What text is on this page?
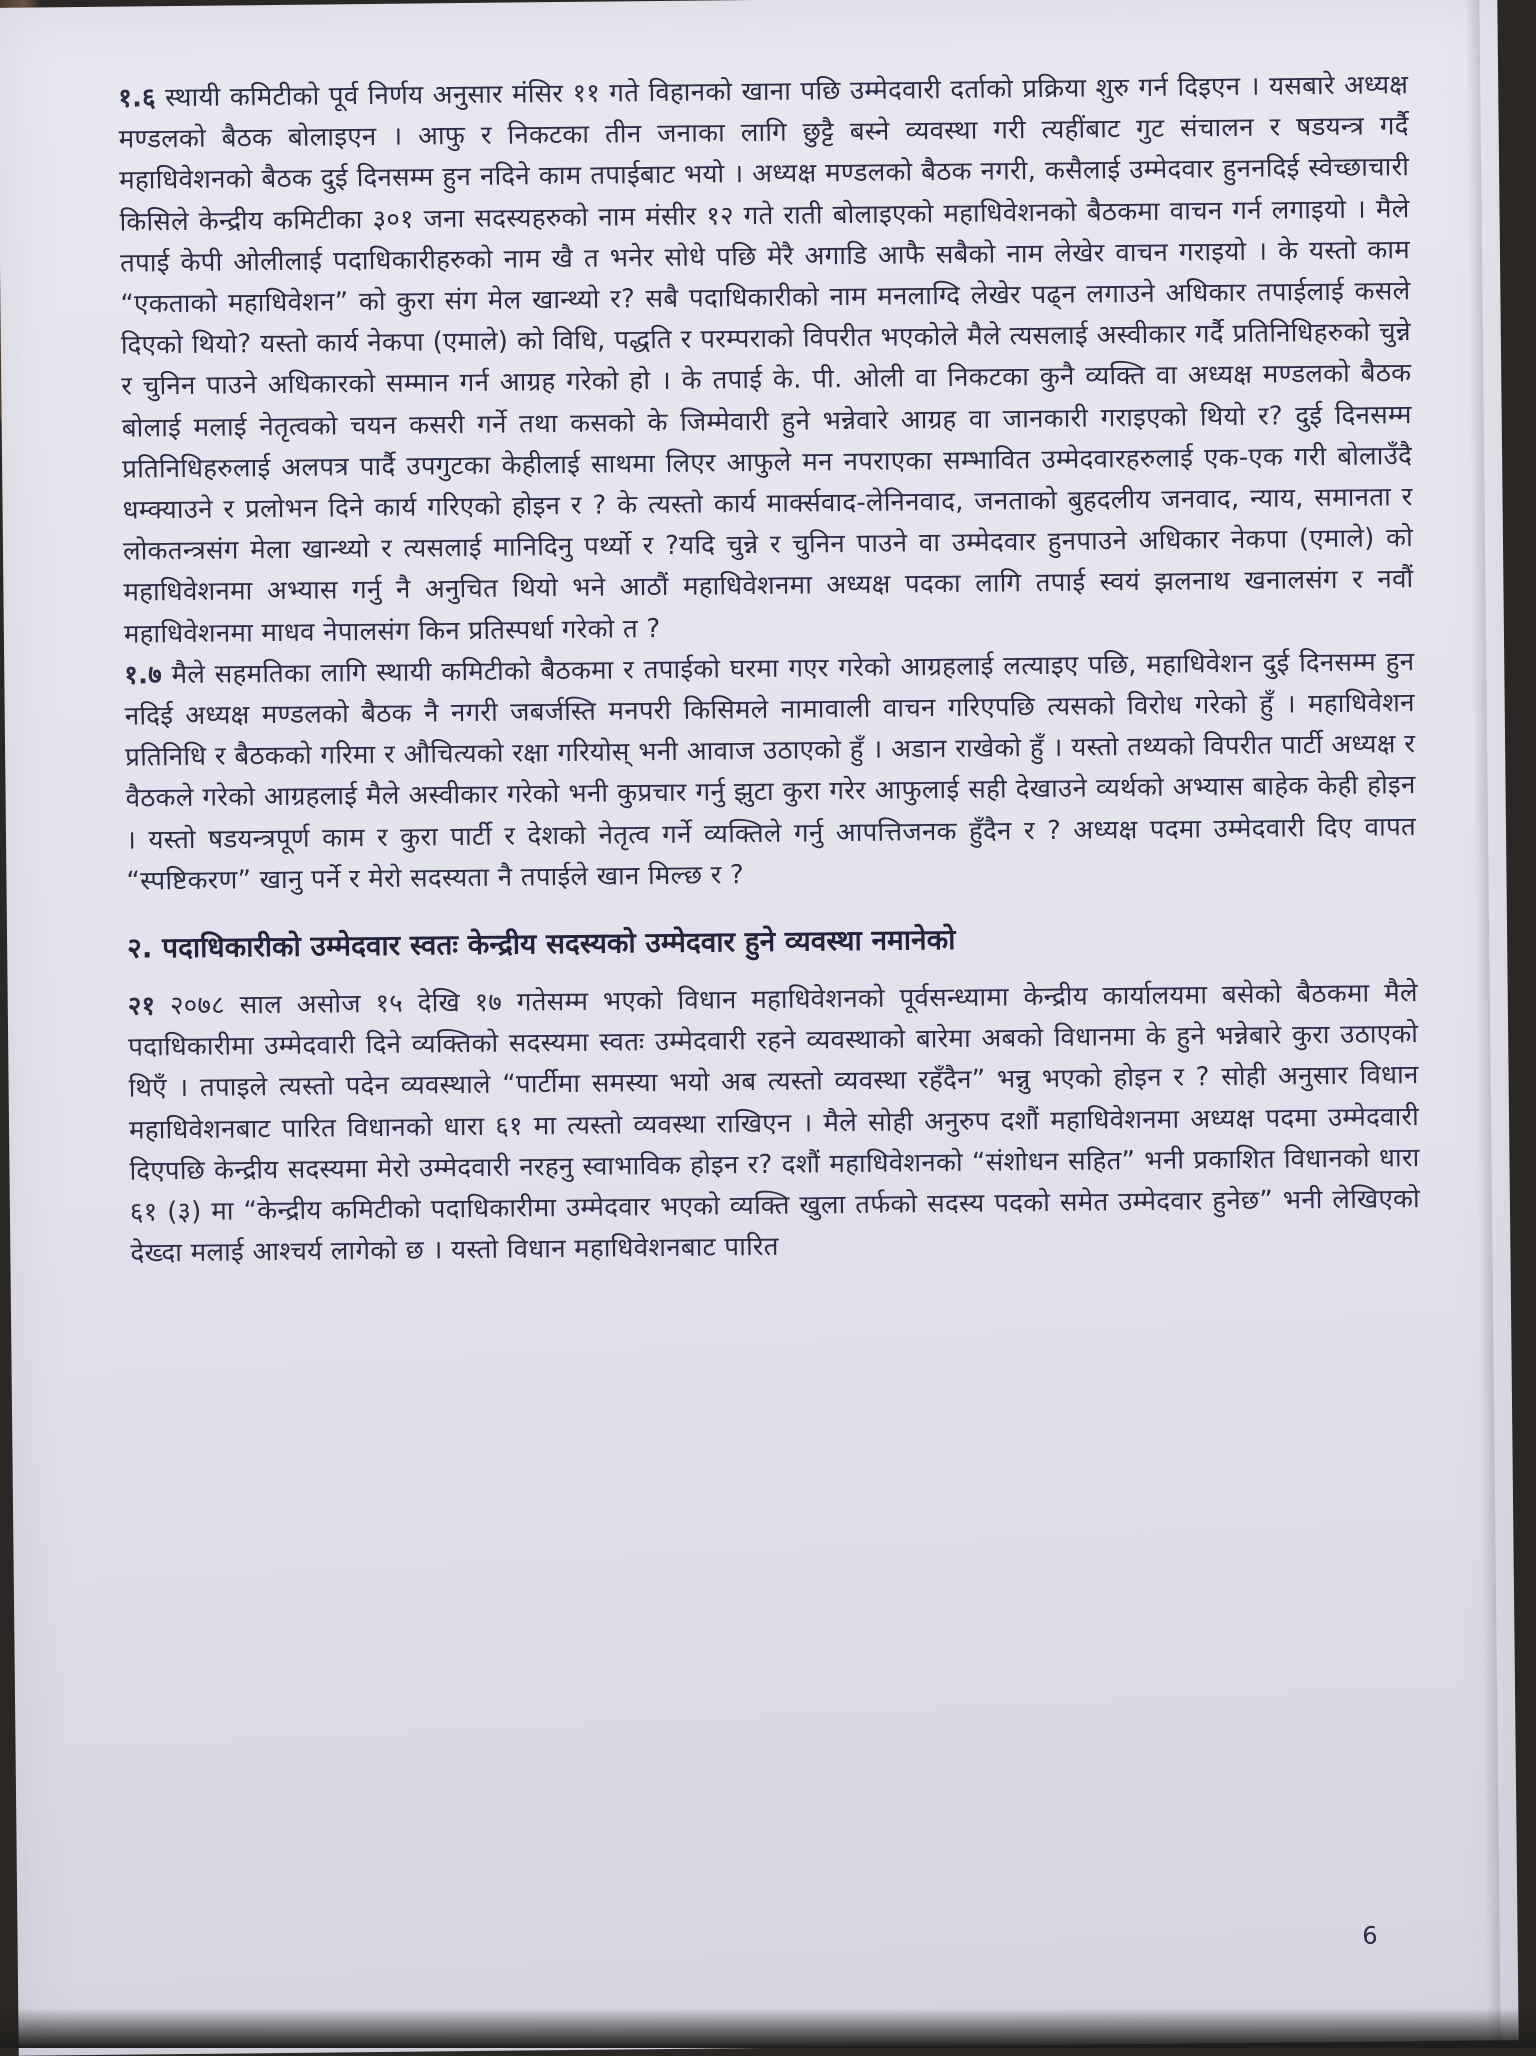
१.६ स्थायी कमिटीको पूर्व निर्णय अनुसार मंसिर ११ गते विहानको खाना पछि उम्मेदवारी दर्ताको प्रक्रिया शुरु गर्न दिइएन । यसबारे अध्यक्ष मण्डलको बैठक बोलाइएन । आफु र निकटका तीन जनाका लागि छुट्टै बस्ने व्यवस्था गरी त्यहींबाट गुट संचालन र षडयन्त्र गर्दै महाधिवेशनको बैठक दुई दिनसम्म हुन नदिने काम तपाईबाट भयो । अध्यक्ष मण्डलको बैठक नगरी, कसैलाई उम्मेदवार हुननदिई स्वेच्छाचारी किसिले केन्द्रीय कमिटीका ३०१ जना सदस्यहरुको नाम मंसीर १२ गते राती बोलाइएको महाधिवेशनको बैठकमा वाचन गर्न लगाइयो । मैले तपाई केपी ओलीलाई पदाधिकारीहरुको नाम खै त भनेर सोधे पछि मेरै अगाडि आफै सबैको नाम लेखेर वाचन गराइयो । के यस्तो काम “एकताको महाधिवेशन” को कुरा संग मेल खान्थ्यो र? सबै पदाधिकारीको नाम मनलाग्दि लेखेर पढ्न लगाउने अधिकार तपाईलाई कसले दिएको थियो? यस्तो कार्य नेकपा (एमाले) को विधि, पद्धति र परम्पराको विपरीत भएकोले मैले त्यसलाई अस्वीकार गर्दै प्रतिनिधिहरुको चुन्ने र चुनिन पाउने अधिकारको सम्मान गर्न आग्रह गरेको हो । के तपाई के. पी. ओली वा निकटका कुनै व्यक्ति वा अध्यक्ष मण्डलको बैठक बोलाई मलाई नेतृत्वको चयन कसरी गर्ने तथा कसको के जिम्मेवारी हुने भन्नेवारे आग्रह वा जानकारी गराइएको थियो र? दुई दिनसम्म प्रतिनिधिहरुलाई अलपत्र पार्दै उपगुटका केहीलाई साथमा लिएर आफुले मन नपराएका सम्भावित उम्मेदवारहरुलाई एक-एक गरी बोलाउँदै धम्क्याउने र प्रलोभन दिने कार्य गरिएको होइन र ? के त्यस्तो कार्य मार्क्सवाद-लेनिनवाद, जनताको बुहदलीय जनवाद, न्याय, समानता र लोकतन्त्रसंग मेला खान्थ्यो र त्यसलाई मानिदिनु पर्थ्यो र ?यदि चुन्ने र चुनिन पाउने वा उम्मेदवार हुनपाउने अधिकार नेकपा (एमाले) को महाधिवेशनमा अभ्यास गर्नु नै अनुचित थियो भने आठौं महाधिवेशनमा अध्यक्ष पदका लागि तपाई स्वयं झलनाथ खनालसंग र नवौं महाधिवेशनमा माधव नेपालसंग किन प्रतिस्पर्धा गरेको त ?

१.७ मैले सहमतिका लागि स्थायी कमिटीको बैठकमा र तपाईको घरमा गएर गरेको आग्रहलाई लत्याइए पछि, महाधिवेशन दुई दिनसम्म हुन नदिई अध्यक्ष मण्डलको बैठक नै नगरी जबर्जस्ति मनपरी किसिमले नामावाली वाचन गरिएपछि त्यसको विरोध गरेको हुँ । महाधिवेशन प्रतिनिधि र बैठकको गरिमा र औचित्यको रक्षा गरियोस् भनी आवाज उठाएको हुँ । अडान राखेको हुँ । यस्तो तथ्यको विपरीत पार्टी अध्यक्ष र वैठकले गरेको आग्रहलाई मैले अस्वीकार गरेको भनी कुप्रचार गर्नु झुटा कुरा गरेर आफुलाई सही देखाउने व्यर्थको अभ्यास बाहेक केही होइन । यस्तो षडयन्त्रपूर्ण काम र कुरा पार्टी र देशको नेतृत्व गर्ने व्यक्तिले गर्नु आपत्तिजनक हुँदैन र ? अध्यक्ष पदमा उम्मेदवारी दिए वापत “स्पष्टिकरण” खानु पर्ने र मेरो सदस्यता नै तपाईले खान मिल्छ र ?

२. पदाधिकारीको उम्मेदवार स्वतः केन्द्रीय सदस्यको उम्मेदवार हुने व्यवस्था नमानेको

२१ २०७८ साल असोज १५ देखि १७ गतेसम्म भएको विधान महाधिवेशनको पूर्वसन्ध्यामा केन्द्रीय कार्यालयमा बसेको बैठकमा मैले पदाधिकारीमा उम्मेदवारी दिने व्यक्तिको सदस्यमा स्वतः उम्मेदवारी रहने व्यवस्थाको बारेमा अबको विधानमा के हुने भन्नेबारे कुरा उठाएको थिएँ । तपाइले त्यस्तो पदेन व्यवस्थाले “पार्टीमा समस्या भयो अब त्यस्तो व्यवस्था रहँदैन” भन्नु भएको होइन र ? सोही अनुसार विधान महाधिवेशनबाट पारित विधानको धारा ६१ मा त्यस्तो व्यवस्था राखिएन । मैले सोही अनुरुप दशौं महाधिवेशनमा अध्यक्ष पदमा उम्मेदवारी दिएपछि केन्द्रीय सदस्यमा मेरो उम्मेदवारी नरहनु स्वाभाविक होइन र? दशौं महाधिवेशनको “संशोधन सहित” भनी प्रकाशित विधानको धारा ६१ (३) मा “केन्द्रीय कमिटीको पदाधिकारीमा उम्मेदवार भएको व्यक्ति खुला तर्फको सदस्य पदको समेत उम्मेदवार हुनेछ” भनी लेखिएको देख्दा मलाई आश्चर्य लागेको छ । यस्तो विधान महाधिवेशनबाट पारित

6
